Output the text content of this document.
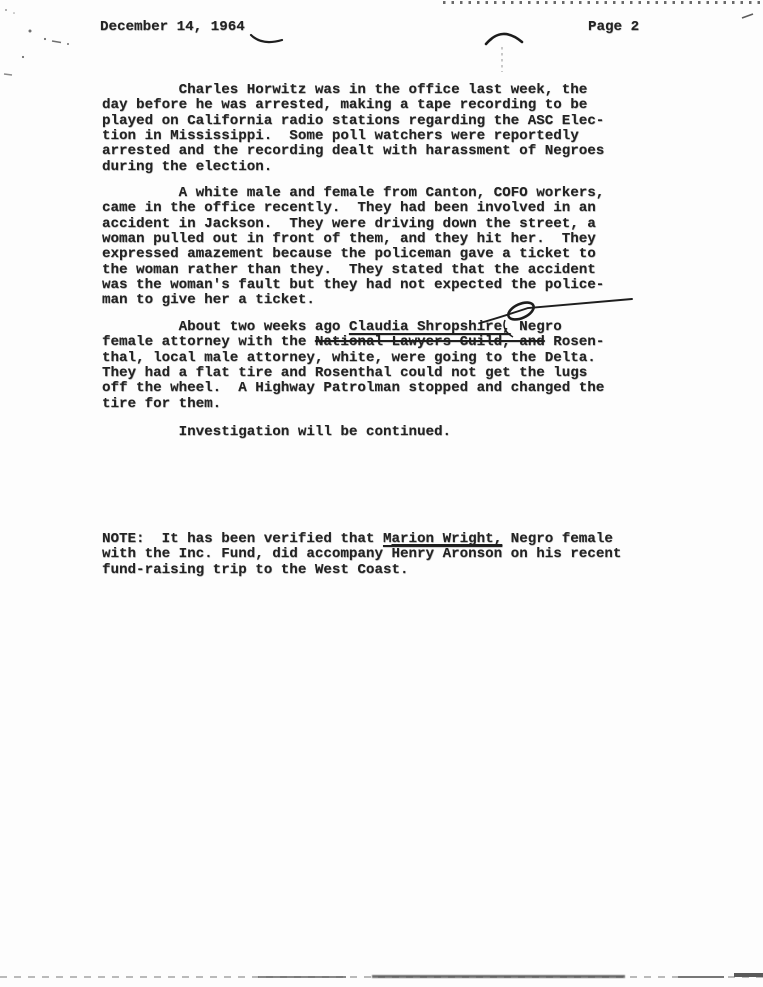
December 14, 1964	Page 2
Charles Horwitz was in the office last week, the
day before he was arrested, making a tape recording to be
played on California radio stations regarding the ASC Elec-
tion in Mississippi.  Some poll watchers were reportedly
arrested and the recording dealt with harassment of Negroes
during the election.
A white male and female from Canton, COFO workers,
came in the office recently.  They had been involved in an
accident in Jackson.  They were driving down the street, a
woman pulled out in front of them, and they hit her.  They
expressed amazement because the policeman gave a ticket to
the woman rather than they.  They stated that the accident
was the woman's fault but they had not expected the police-
man to give her a ticket.
About two weeks ago Claudia Shropshire, Negro
female attorney with the National Lawyers Guild, and Rosen-
thal, local male attorney, white, were going to the Delta.
They had a flat tire and Rosenthal could not get the lugs
off the wheel.  A Highway Patrolman stopped and changed the
tire for them.
Investigation will be continued.
NOTE:  It has been verified that Marion Wright, Negro female
with the Inc. Fund, did accompany Henry Aronson on his recent
fund-raising trip to the West Coast.
